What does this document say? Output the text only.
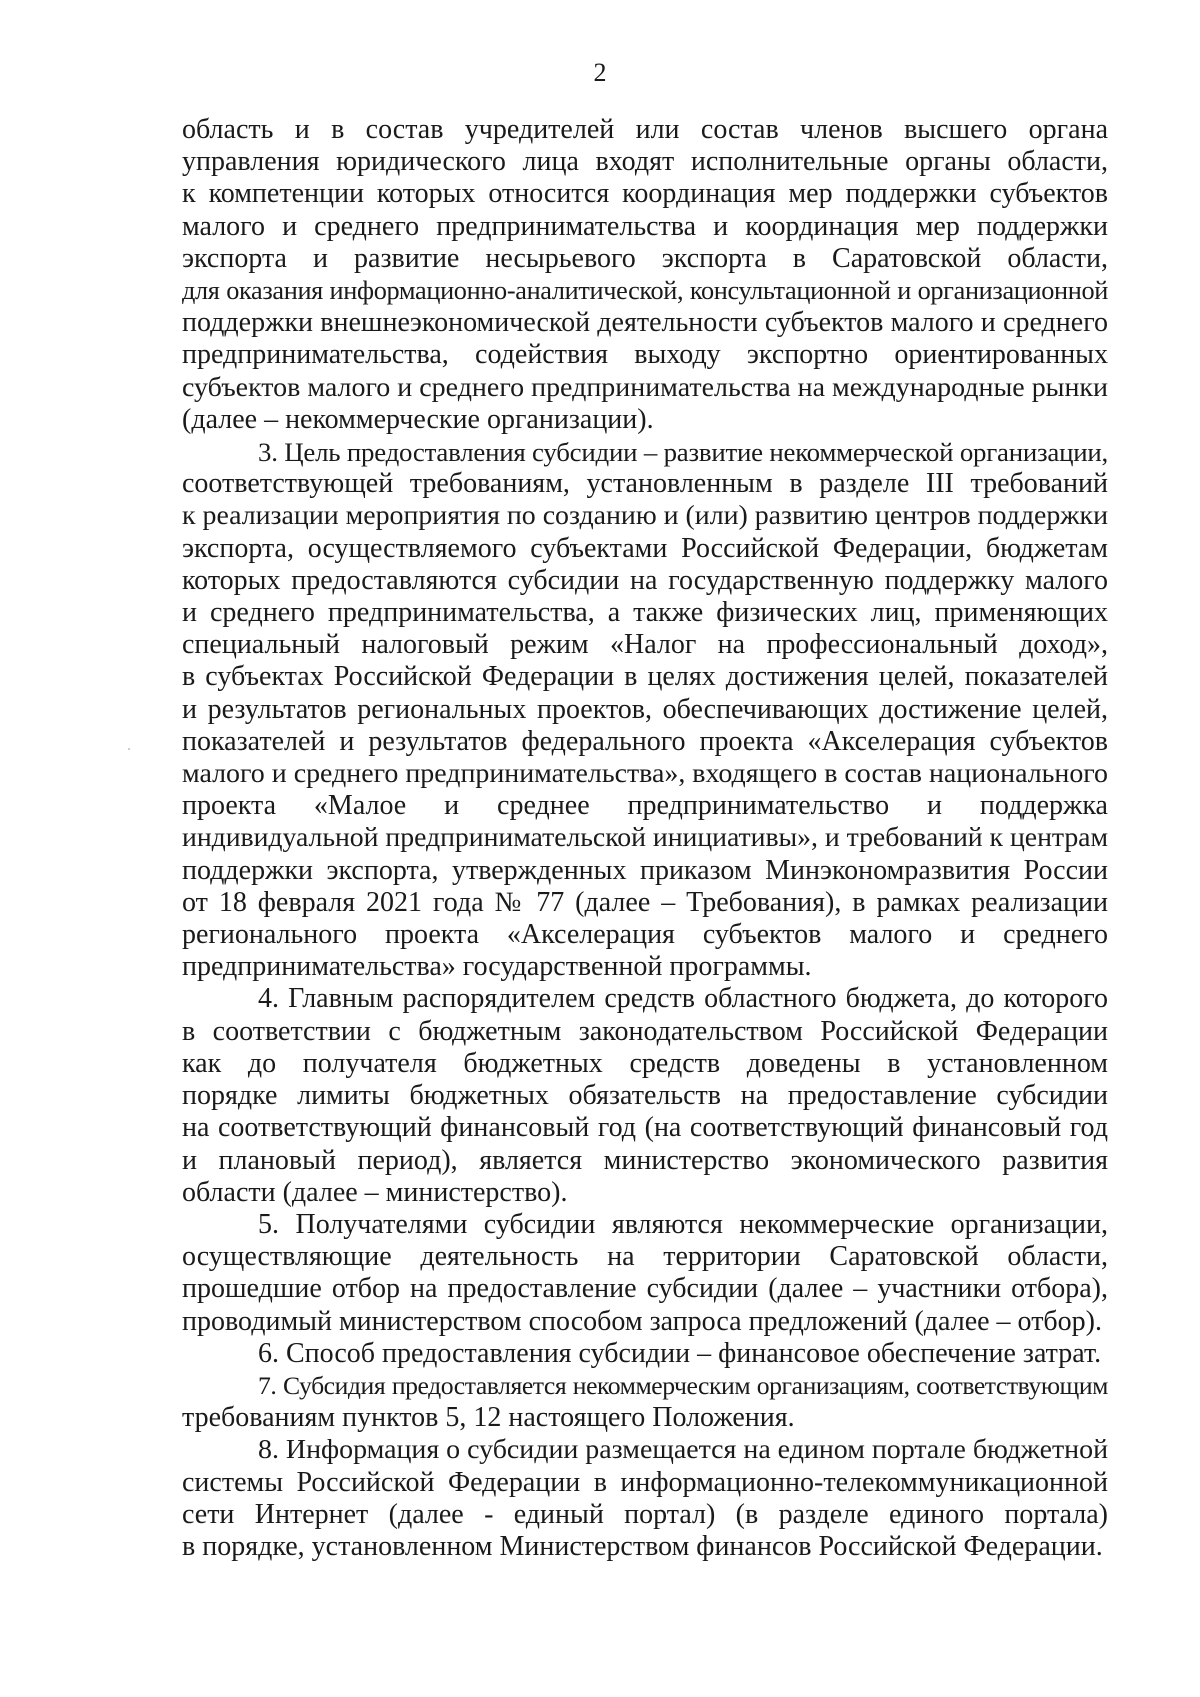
2
область и в состав учредителей или состав членов высшего органа
управления юридического лица входят исполнительные органы области,
к компетенции которых относится координация мер поддержки субъектов
малого и среднего предпринимательства и координация мер поддержки
экспорта и развитие несырьевого экспорта в Саратовской области,
для оказания информационно-аналитической, консультационной и организационной
поддержки внешнеэкономической деятельности субъектов малого и среднего
предпринимательства, содействия выходу экспортно ориентированных
субъектов малого и среднего предпринимательства на международные рынки
(далее – некоммерческие организации).
3. Цель предоставления субсидии – развитие некоммерческой организации,
соответствующей требованиям, установленным в разделе III требований
к реализации мероприятия по созданию и (или) развитию центров поддержки
экспорта, осуществляемого субъектами Российской Федерации, бюджетам
которых предоставляются субсидии на государственную поддержку малого
и среднего предпринимательства, а также физических лиц, применяющих
специальный налоговый режим «Налог на профессиональный доход»,
в субъектах Российской Федерации в целях достижения целей, показателей
и результатов региональных проектов, обеспечивающих достижение целей,
показателей и результатов федерального проекта «Акселерация субъектов
малого и среднего предпринимательства», входящего в состав национального
проекта «Малое и среднее предпринимательство и поддержка
индивидуальной предпринимательской инициативы», и требований к центрам
поддержки экспорта, утвержденных приказом Минэкономразвития России
от 18 февраля 2021 года № 77 (далее – Требования), в рамках реализации
регионального проекта «Акселерация субъектов малого и среднего
предпринимательства» государственной программы.
4. Главным распорядителем средств областного бюджета, до которого
в соответствии с бюджетным законодательством Российской Федерации
как до получателя бюджетных средств доведены в установленном
порядке лимиты бюджетных обязательств на предоставление субсидии
на соответствующий финансовый год (на соответствующий финансовый год
и плановый период), является министерство экономического развития
области (далее – министерство).
5. Получателями субсидии являются некоммерческие организации,
осуществляющие деятельность на территории Саратовской области,
прошедшие отбор на предоставление субсидии (далее – участники отбора),
проводимый министерством способом запроса предложений (далее – отбор).
6. Способ предоставления субсидии – финансовое обеспечение затрат.
7. Субсидия предоставляется некоммерческим организациям, соответствующим
требованиям пунктов 5, 12 настоящего Положения.
8. Информация о субсидии размещается на едином портале бюджетной
системы Российской Федерации в информационно-телекоммуникационной
сети Интернет (далее - единый портал) (в разделе единого портала)
в порядке, установленном Министерством финансов Российской Федерации.
